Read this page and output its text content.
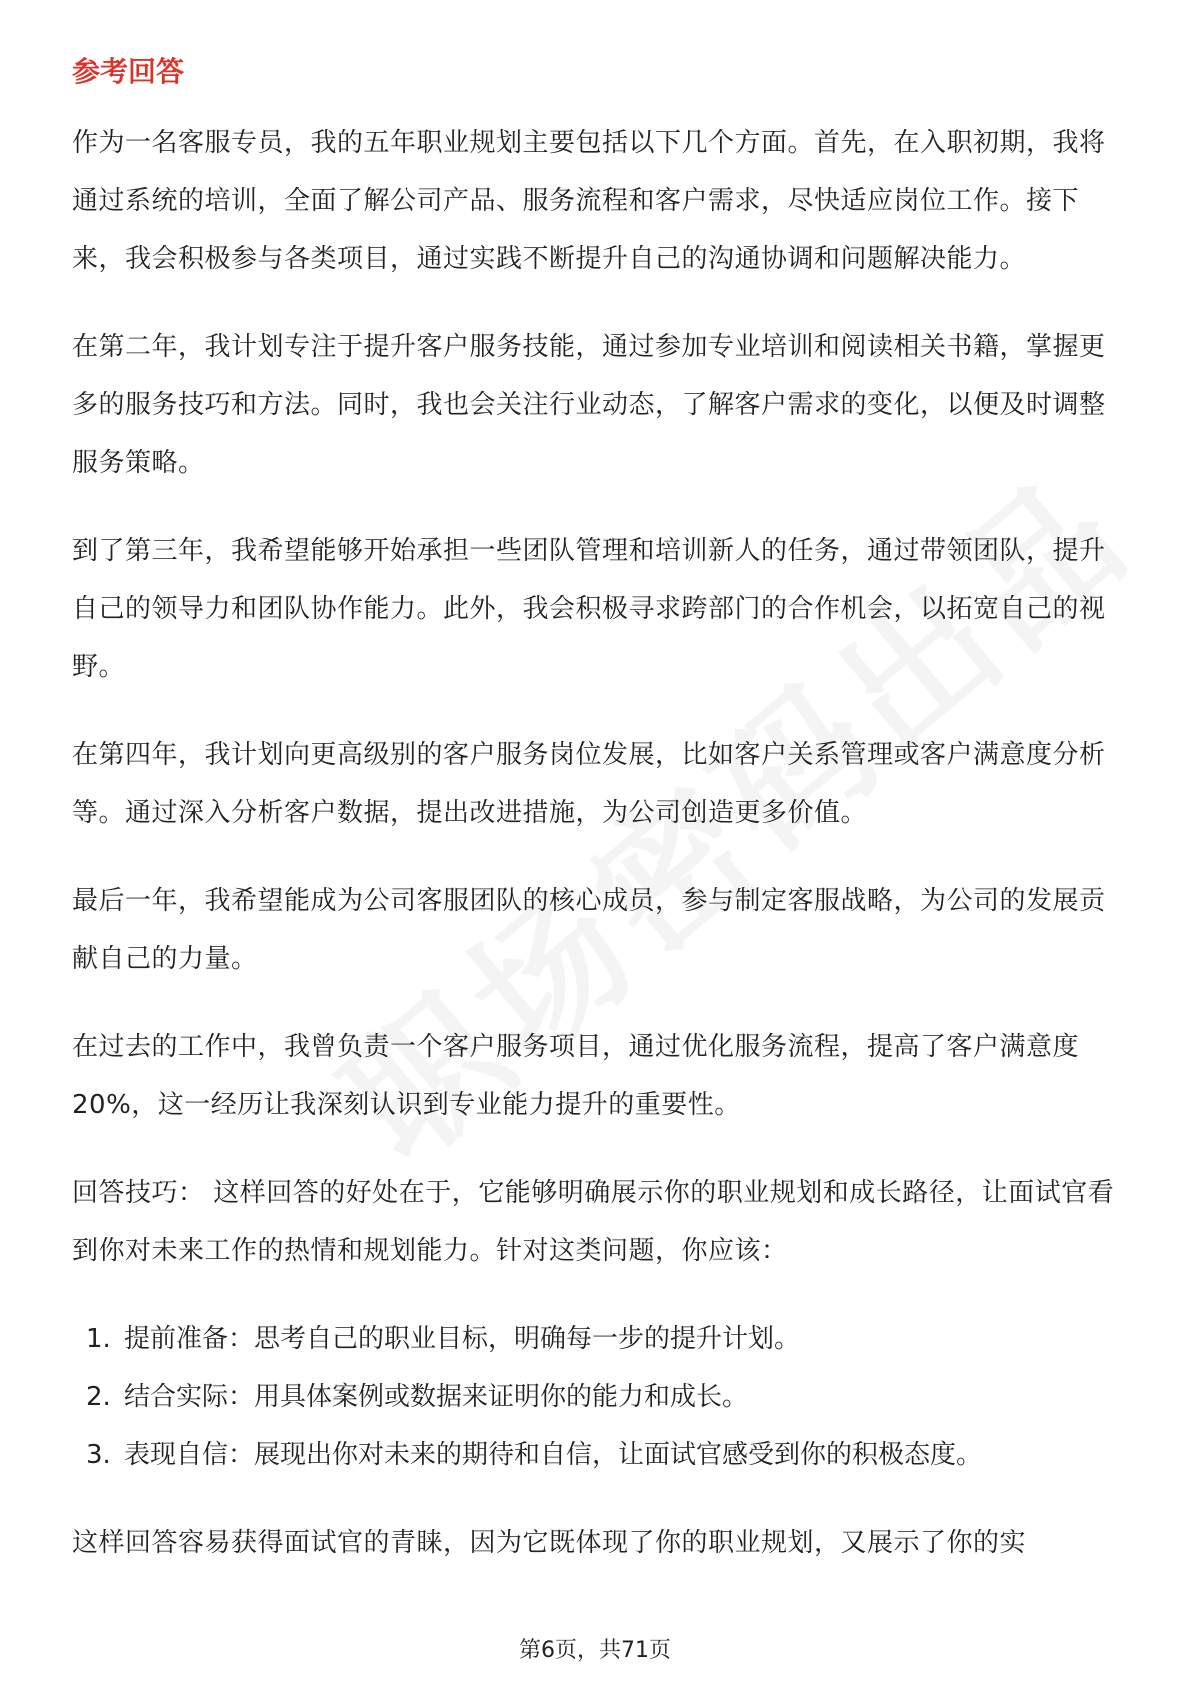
参考回答

作为一名客服专员，我的五年职业规划主要包括以下几个方面。首先，在入职初期，我将通过系统的培训，全面了解公司产品、服务流程和客户需求，尽快适应岗位工作。接下来，我会积极参与各类项目，通过实践不断提升自己的沟通协调和问题解决能力。

在第二年，我计划专注于提升客户服务技能，通过参加专业培训和阅读相关书籍，掌握更多的服务技巧和方法。同时，我也会关注行业动态，了解客户需求的变化，以便及时调整服务策略。

到了第三年，我希望能够开始承担一些团队管理和培训新人的任务，通过带领团队，提升自己的领导力和团队协作能力。此外，我会积极寻求跨部门的合作机会，以拓宽自己的视野。

在第四年，我计划向更高级别的客户服务岗位发展，比如客户关系管理或客户满意度分析等。通过深入分析客户数据，提出改进措施，为公司创造更多价值。

最后一年，我希望能成为公司客服团队的核心成员，参与制定客服战略，为公司的发展贡献自己的力量。

在过去的工作中，我曾负责一个客户服务项目，通过优化服务流程，提高了客户满意度20%，这一经历让我深刻认识到专业能力提升的重要性。

回答技巧： 这样回答的好处在于，它能够明确展示你的职业规划和成长路径，让面试官看到你对未来工作的热情和规划能力。针对这类问题，你应该：

1. 提前准备：思考自己的职业目标，明确每一步的提升计划。
2. 结合实际：用具体案例或数据来证明你的能力和成长。
3. 表现自信：展现出你对未来的期待和自信，让面试官感受到你的积极态度。

这样回答容易获得面试官的青睐，因为它既体现了你的职业规划，又展示了你的实

第6页，共71页
